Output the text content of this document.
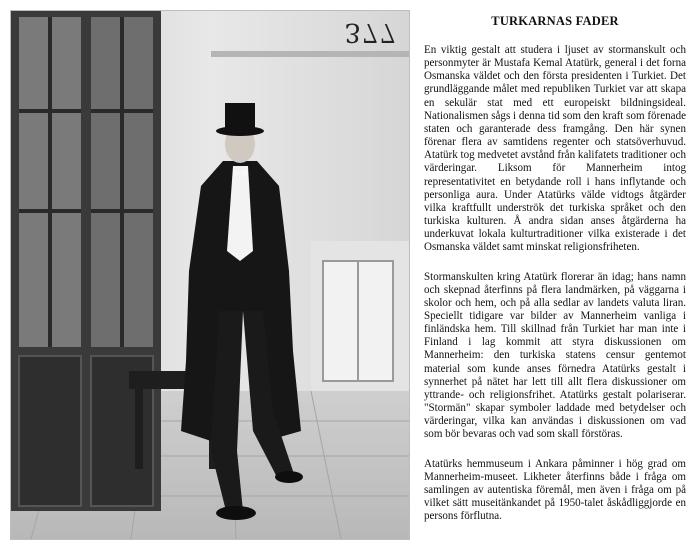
377	TURKARNAS FADER

En viktig gestalt att studera i ljuset av stormanskult och personmyter är Mustafa Kemal Atatürk, general i det forna Osmanska väldet och den första presidenten i Turkiet. Det grundläggande målet med republiken Turkiet var att skapa en sekulär stat med ett europeiskt bildningsideal. Nationalismen sågs i denna tid som den kraft som förenade staten och garanterade dess framgång. Den här synen förenar flera av samtidens regenter och statsöverhuvud. Atatürk tog medvetet avstånd från kalifatets traditioner och värderingar. Liksom för Mannerheim intog representativitet en betydande roll i hans inflytande och personliga aura. Under Atatürks välde vidtogs åtgärder vilka kraftfullt underströk det turkiska språket och den turkiska kulturen. Å andra sidan anses åtgärderna ha underkuvat lokala kulturtraditioner vilka existerade i det Osmanska väldet samt minskat religionsfriheten.

Stormanskulten kring Atatürk florerar än idag; hans namn och skepnad återfinns på flera landmärken, på väggarna i skolor och hem, och på alla sedlar av landets valuta liran. Speciellt tidigare var bilder av Mannerheim vanliga i finländska hem. Till skillnad från Turkiet har man inte i Finland i lag kommit att styra diskussionen om Mannerheim: den turkiska statens censur gentemot material som kunde anses förnedra Atatürks gestalt i synnerhet på nätet har lett till allt flera diskussioner om yttrande- och religionsfrihet. Atatürks gestalt polariserar. "Stormän" skapar symboler laddade med betydelser och värderingar, vilka kan användas i diskussionen om vad som bör bevaras och vad som skall förstöras.

Atatürks hemmuseum i Ankara påminner i hög grad om Mannerheim-museet. Likheter återfinns både i fråga om samlingen av autentiska föremål, men även i fråga om på vilket sätt museitänkandet på 1950-talet åskådliggjorde en persons förflutna.
